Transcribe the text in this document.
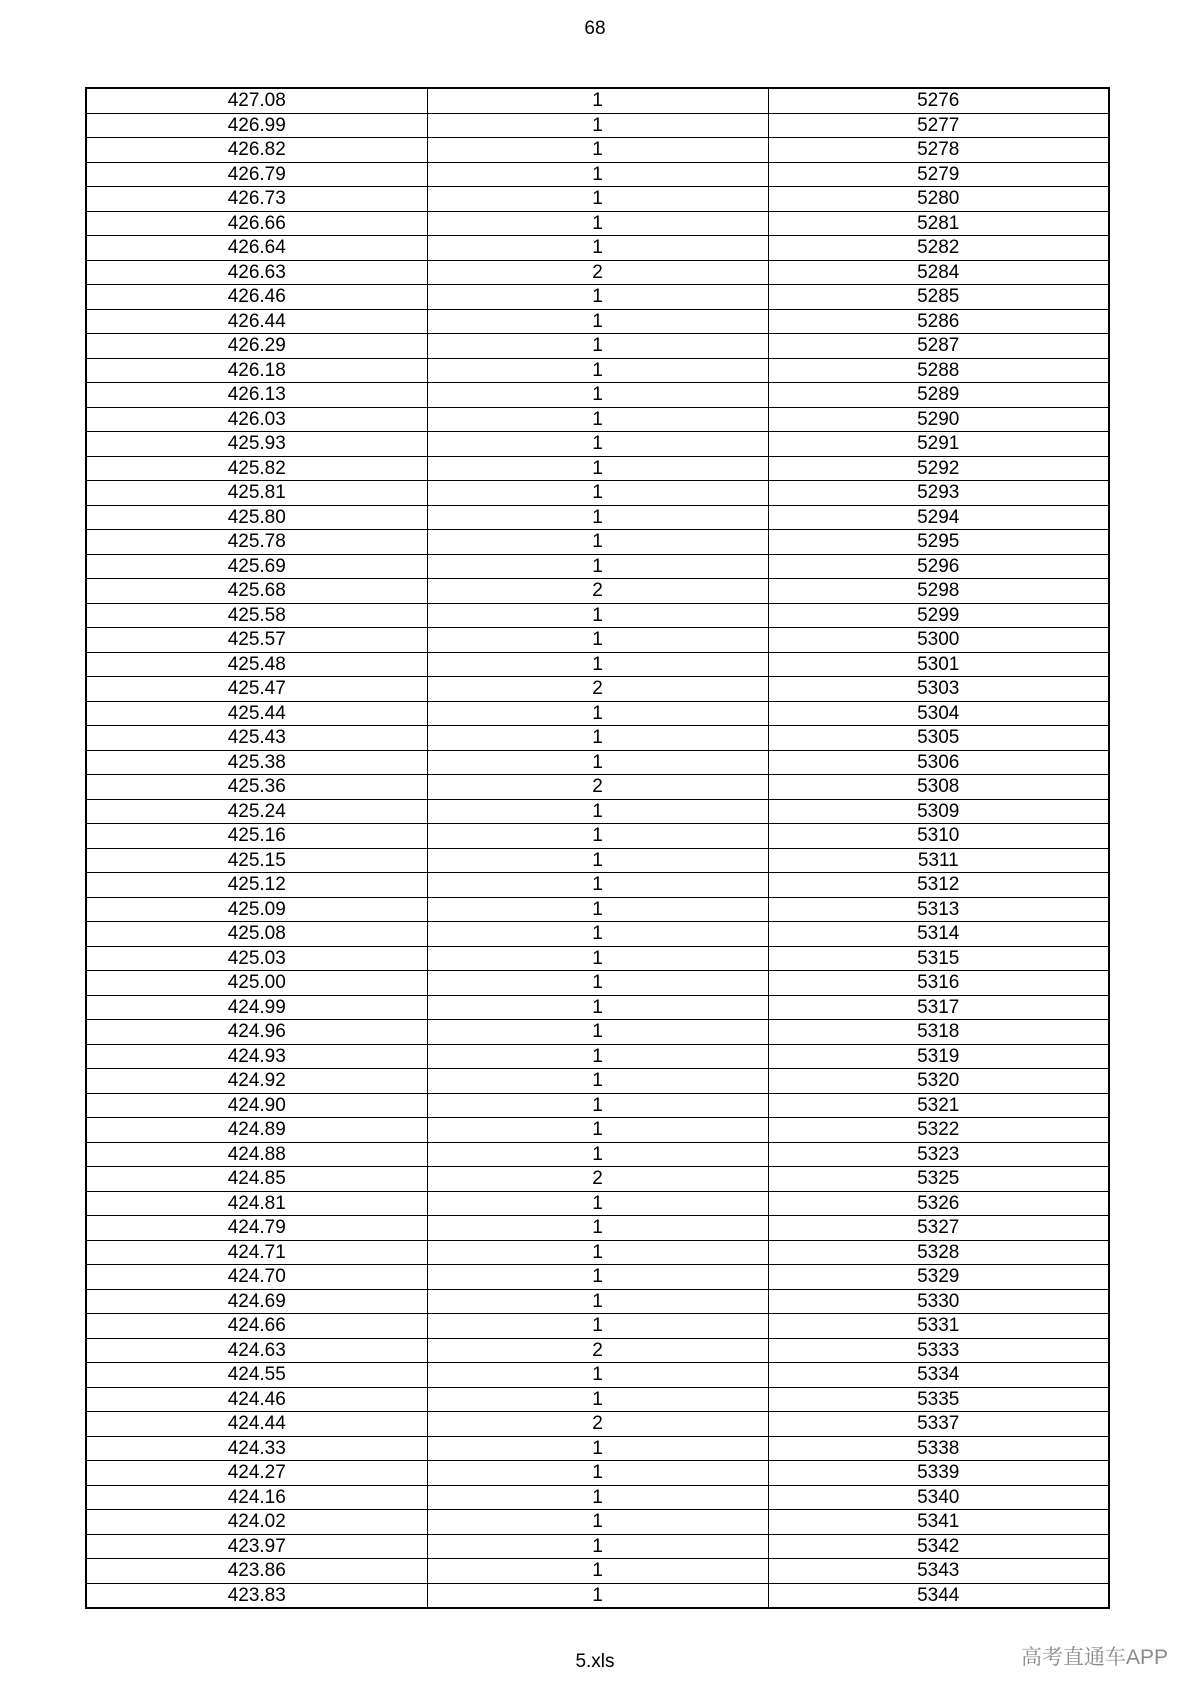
68
427.08	1	5276
426.99	1	5277
426.82	1	5278
426.79	1	5279
426.73	1	5280
426.66	1	5281
426.64	1	5282
426.63	2	5284
426.46	1	5285
426.44	1	5286
426.29	1	5287
426.18	1	5288
426.13	1	5289
426.03	1	5290
425.93	1	5291
425.82	1	5292
425.81	1	5293
425.80	1	5294
425.78	1	5295
425.69	1	5296
425.68	2	5298
425.58	1	5299
425.57	1	5300
425.48	1	5301
425.47	2	5303
425.44	1	5304
425.43	1	5305
425.38	1	5306
425.36	2	5308
425.24	1	5309
425.16	1	5310
425.15	1	5311
425.12	1	5312
425.09	1	5313
425.08	1	5314
425.03	1	5315
425.00	1	5316
424.99	1	5317
424.96	1	5318
424.93	1	5319
424.92	1	5320
424.90	1	5321
424.89	1	5322
424.88	1	5323
424.85	2	5325
424.81	1	5326
424.79	1	5327
424.71	1	5328
424.70	1	5329
424.69	1	5330
424.66	1	5331
424.63	2	5333
424.55	1	5334
424.46	1	5335
424.44	2	5337
424.33	1	5338
424.27	1	5339
424.16	1	5340
424.02	1	5341
423.97	1	5342
423.86	1	5343
423.83	1	5344
5.xls	高考直通车APP
